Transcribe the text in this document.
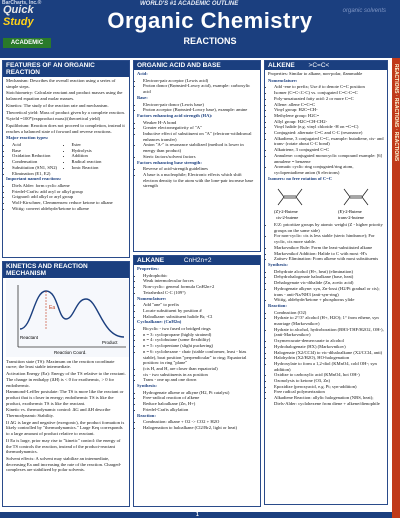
BarCharts, Inc.®
Quick
Study
ACADEMIC
WORLD'S #1 ACADEMIC OUTLINE
Organic Chemistry
REACTIONS
organic solvents
REACTIONS · REACTIONS · REACTIONS
FEATURES OF AN ORGANIC REACTION

Mechanism: Describes the overall reaction using a series of simple steps.

Stoichiometry: Calculate reactant and product masses using the balanced equation and molar masses.

Kinetics: The study of the reaction rate and mechanism.

Theoretical yield: Mass of product given by a complete reaction.

%yield =100*(expproduct mass)/(theoretical yield)

Equilibrium: Reaction does not proceed to completion, instead it reaches a balanced state of forward and reverse reactions.

Major reaction types:

• Acid
• Base
• Oxidation Reduction
• Condensation
• Substitution (SN1, SN2)
• Elimination (E1, E2)
• Ester
• Hydrolysis
• Addition
• Radical reaction
• Ionic Reaction

Important named reactions:

• Diels Alder: form cyclic alkene
• Friedel-Crafts: add acyl or alkyl group
• Grignard: add alkyl or aryl group
• Wolf-Kirschner, Clemmensen: reduce ketone to alkane
• Wittig: convert aldehyde/ketone to alkene
KINETICS AND REACTION MECHANISM
Ea
Reactant
Product
Reaction Coord.

Transition state (TS): Maximum on the reaction coordinate curve; the least stable intermediate.

Activation Energy (Ea): Energy of the TS relative to the reactant. The change in enthalpy (ΔH) is < 0 for exothermic, > 0 for endothermic.

Hammond-Leffler postulate: The TS is more like the reactant or product that is closer in energy; endothermic TS is like the product, exothermic TS is like the reactant.

Kinetic vs. thermodynamic control: ΔG and ΔH describe Thermodynamic Stability.

If ΔG is large and negative (exergonic), the product formation is likely controlled by "thermodynamics." Large Keq corresponds to a large amount of product relative to reactant.

If Ea is large, prior may rise to "kinetic" control: the energy of the TS controls the reaction, instead of the product-reactant thermodynamics.

Solvent effects: A solvent may stabilize an intermediate, decreasing Ea and increasing the rate of the reaction. Charged-complexes are stabilized by polar solvents.

ORGANIC ACID AND BASE

Acid:

• Electron-pair acceptor (Lewis acid)
• Proton donor (Brønsted-Lowry acid), example: carboxylic acid

Base:

• Electron-pair donor (Lewis base)
• Proton acceptor (Brønsted-Lowry base), example: amine

Factors enhancing acid strength (HA):

• Weaker H-A bond
• Greater electronegativity of "A"
• Inductive effect of substituent on "A" (electron-withdrawal enhances transfer)
• Anion "A-" is resonance stabilized (method is lower in energy than product)
• Steric factors/solvent factors

Factors enhancing base strength:

• Reverse of acid-strength guidelines
• A base is a nucleophile; Electronic effects which shift electron density to the atom with the lone-pair increase base strength
ALKANE	CnH2n+2

Properties:

• Hydrophobic
• Weak intermolecular forces
• Non-cyclic: general formula CnH2n+2
• Tetrahedral C-C (109°)

Nomenclature:

• Add "ane" to prefix
• Locate substituent by position #
• Haloalkane: substituent halide Br, -Cl

Cycloalkane: (CnH2n)

• Bicyclic - two fused or bridged rings
• n = 3: cyclopropane (highly strained)
• n = 4: cyclobutane (some flexibility)
• n = 5: cyclopentane (slight puckering)
• n = 6: cyclohexane - chair (stable conformer, least - bias stable), boat position "perpendicular" to ring; Equatorial position: in ring "plane"
• (cis H, and H, are closer than equatorial)
• cis - two substituents in ax position
• Trans - one up and one down

Synthesis:

• Hydrogenate alkene or alkyne (H2, Pt catalyst)
• Free-radical reaction of alkene
• Reduce haloalkane (Zn, H+)
• Friedel-Crafts alkylation

Reaction:

• Combustion: alkane + O2 -> CO2 + H2O
• Halogenation to haloalkane (Cl2/Br2, light or heat)
ALKENE >C=C<

Properties: Similar to alkane, non-polar, flammable

Nomenclature:

• Add -ene to prefix; Use # to denote C=C position
• Isomer (C=C<C-C) vs. conjugated C=C-C=C
• Poly-unsaturated fatty acid: 2 or more C=C
• Allene: allene C=C=C
• Vinyl group: H2C=CH-
• Methylene group: H2C=
• Allyl group: H2C=CH-CH2-
• Vinyl halide (e.g. vinyl chloride -H on =C=C)
• Conjugated: alternate C=C and C-C (resonance)
• Alkadiene, 3 conjugated C=C, example: butadiene, cis- and trans- (rotate about C-C bond)
• Alkatriene, 3 conjugated C=C
• Annulene: conjugated monocyclic compound example: [6] annulene = benzene
• Aromatic cyclic ring conjugated/ring atom, cyclopentadiene anion (6 electrons)

Isomers: no free rotation of C=C

(Z)-2-Butene
cis-2-butene
(E)-2-Butene
trans-2-butene
• E/Z: prioritize groups by atomic weight (Z - higher priority groups on the same side)
• For non-cyclic: cis is less stable (steric hindrance); For cyclic, cis more stable.
• Markovnikov Rule: Form the least-substituted alkane
• Markovnikof Addition: Halide to C with most -H's
• Zaitsev Elimination: Form alkene with most substituents

Synthesis:

• Dehydrate alcohol (H+, heat) (elimination)
• Dehydrohalogenate haloalkane (base, heat)
• Dehalogenate vic-dihalide (Zn, acetic acid)
• Hydrogenate alkyne: syn, Zn-lossi (H2/Pt gradual or cis); trans - anti-Na/NH3 (anti-syn-ring)
• Wittig, aldehyde/ketone + phosphorus ylide

Reaction:

• Combustion (O2)
• Hydrate to 2°/3° alcohol (H+, H2O); 1° from ethene, syn marriage (Markovnikov)
• Hydrate to alcohol, hydroboration (BH3-THF/H2O2, OH-), (anti-Markovnikov)
• Oxymercurate-demercurate to alcohol
• Hydrohalogenate (HX) (Markovnikov)
• Halogenate (X2/CCl4) to vic-dihaloalkane (X2/CCl4, anti)
• Halohydrin (X2/H2O), HO-halogenation
• Hydroxylate to form a 1,2-diol (KMnO4, cold OH-; syn addition)
• Oxidize to carboxylic acid (KMnO4, hot OH-)
• Ozonolysis to ketone (O3, Zn)
• Epoxidize (peroxyacid, e.g. Pt; syn-addition)
• Free radical polymerization
• Alkadiene Reaction: allylic halogenation (NBS, heat); Diels-Alder: cyclohexene from diene + alkene/dienophile
1
